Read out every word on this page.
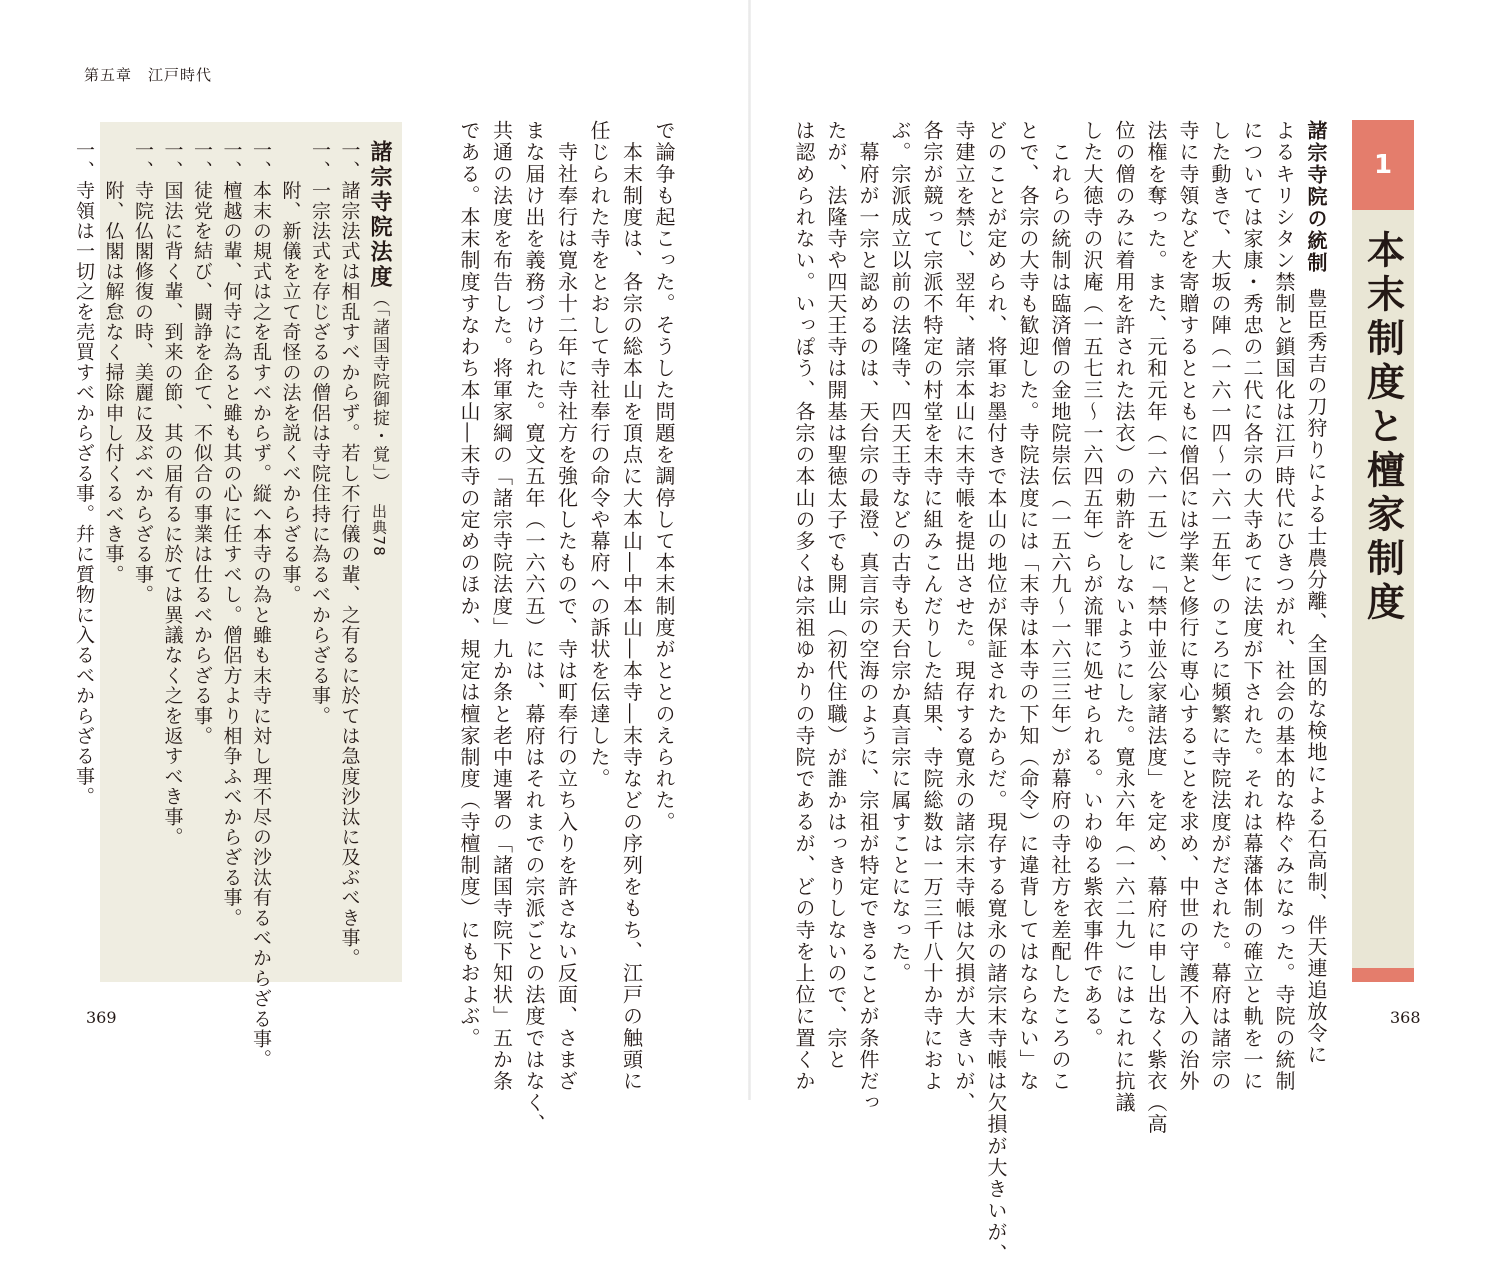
第五章　江戸時代
369	368
1
本末制度と檀家制度
諸宗寺院の統制豊臣秀吉の刀狩りによる士農分離、全国的な検地による石高制、伴天連追放令に
よるキリシタン禁制と鎖国化は江戸時代にひきつがれ、社会の基本的な枠ぐみになった。寺院の統制
については家康・秀忠の二代に各宗の大寺あてに法度が下された。それは幕藩体制の確立と軌を一に
した動きで、大坂の陣（一六一四〜一六一五年）のころに頻繁に寺院法度がだされた。幕府は諸宗の
寺に寺領などを寄贈するとともに僧侶には学業と修行に専心することを求め、中世の守護不入の治外
法権を奪った。また、元和元年（一六一五）に「禁中並公家諸法度」を定め、幕府に申し出なく紫衣（高
位の僧のみに着用を許された法衣）の勅許をしないようにした。寛永六年（一六二九）にはこれに抗議
した大徳寺の沢庵（一五七三〜一六四五年）らが流罪に処せられる。いわゆる紫衣事件である。
　これらの統制は臨済僧の金地院崇伝（一五六九〜一六三三年）が幕府の寺社方を差配したころのこ
とで、各宗の大寺も歓迎した。寺院法度には「末寺は本寺の下知（命令）に違背してはならない」な
どのことが定められ、将軍お墨付きで本山の地位が保証されたからだ。現存する寛永の諸宗末寺帳は欠損が大きいが、
寺建立を禁じ、翌年、諸宗本山に末寺帳を提出させた。現存する寛永の諸宗末寺帳は欠損が大きいが、
各宗が競って宗派不特定の村堂を末寺に組みこんだりした結果、寺院総数は一万三千八十か寺におよ
ぶ。宗派成立以前の法隆寺、四天王寺などの古寺も天台宗か真言宗に属すことになった。
　幕府が一宗と認めるのは、天台宗の最澄、真言宗の空海のように、宗祖が特定できることが条件だっ
たが、法隆寺や四天王寺は開基は聖徳太子でも開山（初代住職）が誰かはっきりしないので、宗と
は認められない。いっぽう、各宗の本山の多くは宗祖ゆかりの寺院であるが、どの寺を上位に置くか
で論争も起こった。そうした問題を調停して本末制度がととのえられた。
　本末制度は、各宗の総本山を頂点に大本山―中本山―本寺―末寺などの序列をもち、江戸の触頭に
任じられた寺をとおして寺社奉行の命令や幕府への訴状を伝達した。
　寺社奉行は寛永十二年に寺社方を強化したもので、寺は町奉行の立ち入りを許さない反面、さまざ
まな届け出を義務づけられた。寛文五年（一六六五）には、幕府はそれまでの宗派ごとの法度ではなく、
共通の法度を布告した。将軍家綱の「諸宗寺院法度」九か条と老中連署の「諸国寺院下知状」五か条
である。本末制度すなわち本山―末寺の定めのほか、規定は檀家制度（寺檀制度）にもおよぶ。
諸宗寺院法度（「諸国寺院御掟・覚」）　出典78
一、諸宗法式は相乱すべからず。若し不行儀の輩、之有るに於ては急度沙汰に及ぶべき事。
一、一宗法式を存じざるの僧侶は寺院住持に為るべからざる事。
　　附、新儀を立て奇怪の法を説くべからざる事。
一、本末の規式は之を乱すべからず。縦へ本寺の為と雖も末寺に対し理不尽の沙汰有るべからざる事。
一、檀越の輩、何寺に為ると雖も其の心に任すべし。僧侶方より相争ふべからざる事。
一、徒党を結び、闘諍を企て、不似合の事業は仕るべからざる事。
一、国法に背く輩、到来の節、其の届有るに於ては異議なく之を返すべき事。
一、寺院仏閣修復の時、美麗に及ぶべからざる事。
　　附、仏閣は解怠なく掃除申し付くるべき事。
一、寺領は一切之を売買すべからざる事。幷に質物に入るべからざる事。
